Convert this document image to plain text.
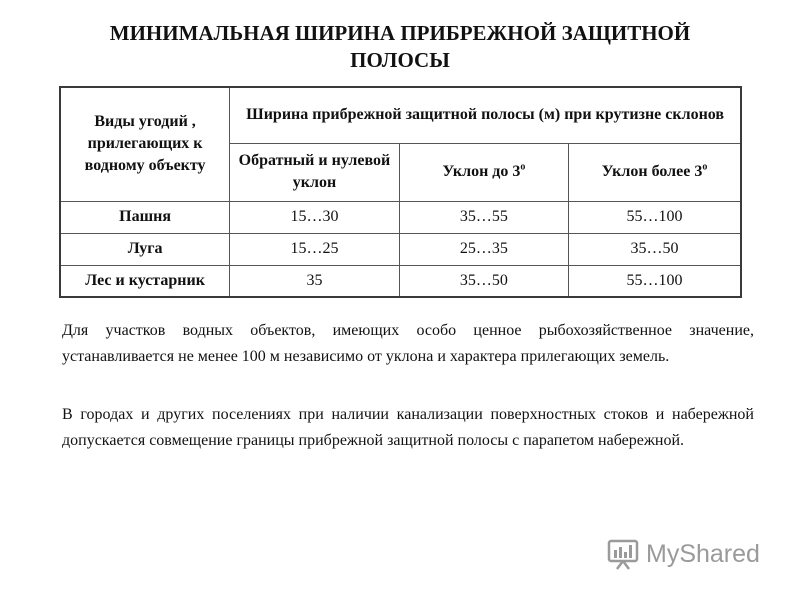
МИНИМАЛЬНАЯ ШИРИНА ПРИБРЕЖНОЙ ЗАЩИТНОЙ
ПОЛОСЫ
Виды угодий , прилегающих к водному объекту	Ширина прибрежной защитной полосы (м) при крутизне склонов		
	Обратный и нулевой уклон	Уклон до $3^о$	Уклон более $3^о$
Пашня	15…30	35…55	55…100
Луга	15…25	25…35	35…50
Лес и кустарник	35	35…50	55…100

Для участков водных объектов, имеющих особо ценное рыбохозяйственное значение, устанавливается не менее 100 м независимо от уклона и характера прилегающих земель.

В городах и других поселениях при наличии канализации поверхностных стоков и набережной допускается совмещение границы прибрежной защитной полосы с парапетом набережной.

MyShared
